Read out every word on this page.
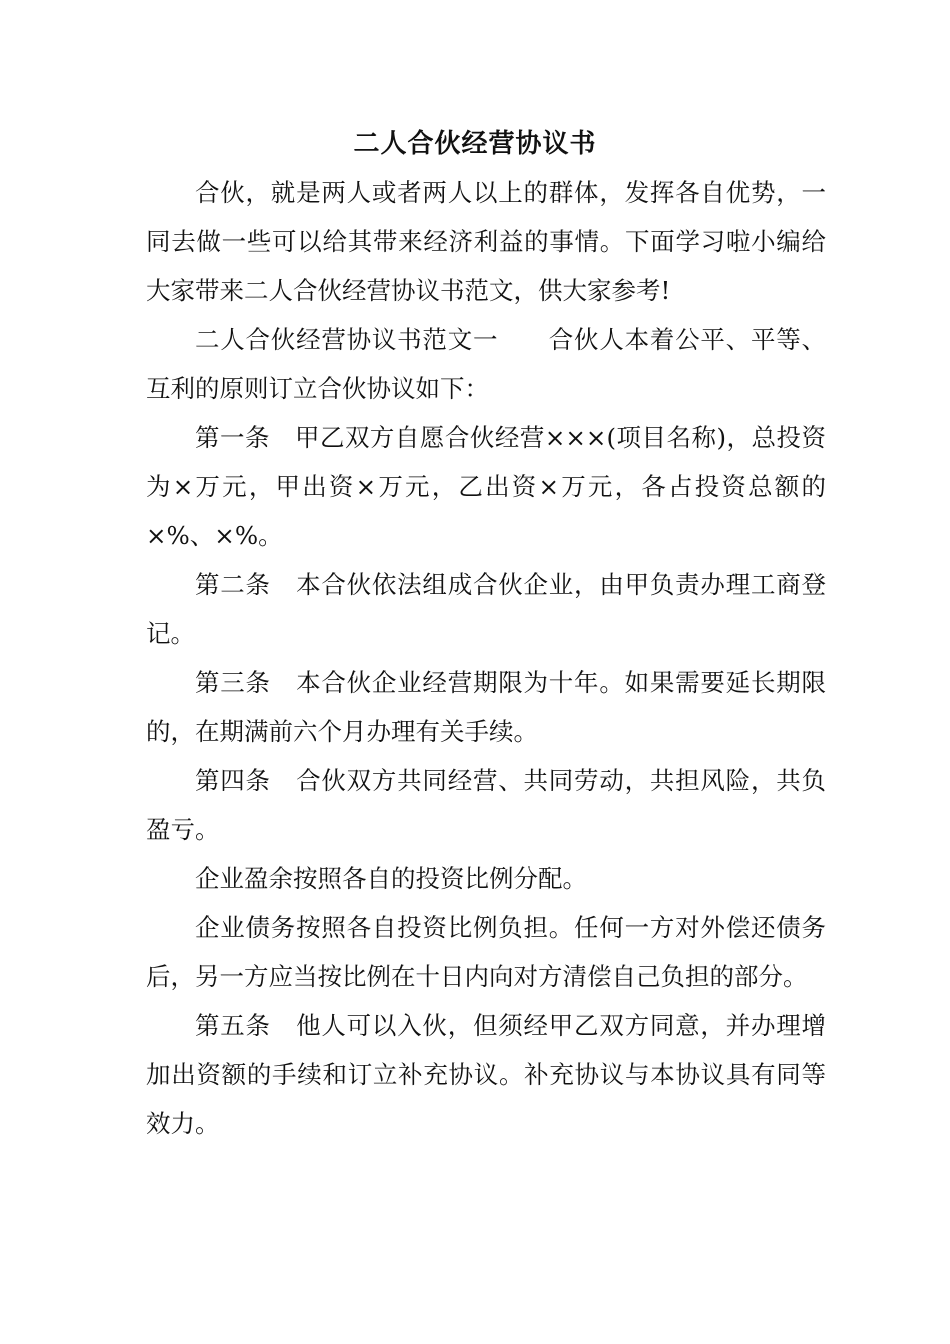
二人合伙经营协议书

合伙，就是两人或者两人以上的群体，发挥各自优势，一同去做一些可以给其带来经济利益的事情。下面学习啦小编给大家带来二人合伙经营协议书范文，供大家参考!

二人合伙经营协议书范文一　　合伙人本着公平、平等、互利的原则订立合伙协议如下：

第一条　甲乙双方自愿合伙经营×××(项目名称)，总投资为×万元，甲出资×万元，乙出资×万元，各占投资总额的×%、×%。

第二条　本合伙依法组成合伙企业，由甲负责办理工商登记。

第三条　本合伙企业经营期限为十年。如果需要延长期限的，在期满前六个月办理有关手续。

第四条　合伙双方共同经营、共同劳动，共担风险，共负盈亏。

企业盈余按照各自的投资比例分配。

企业债务按照各自投资比例负担。任何一方对外偿还债务后，另一方应当按比例在十日内向对方清偿自己负担的部分。

第五条　他人可以入伙，但须经甲乙双方同意，并办理增加出资额的手续和订立补充协议。补充协议与本协议具有同等效力。
